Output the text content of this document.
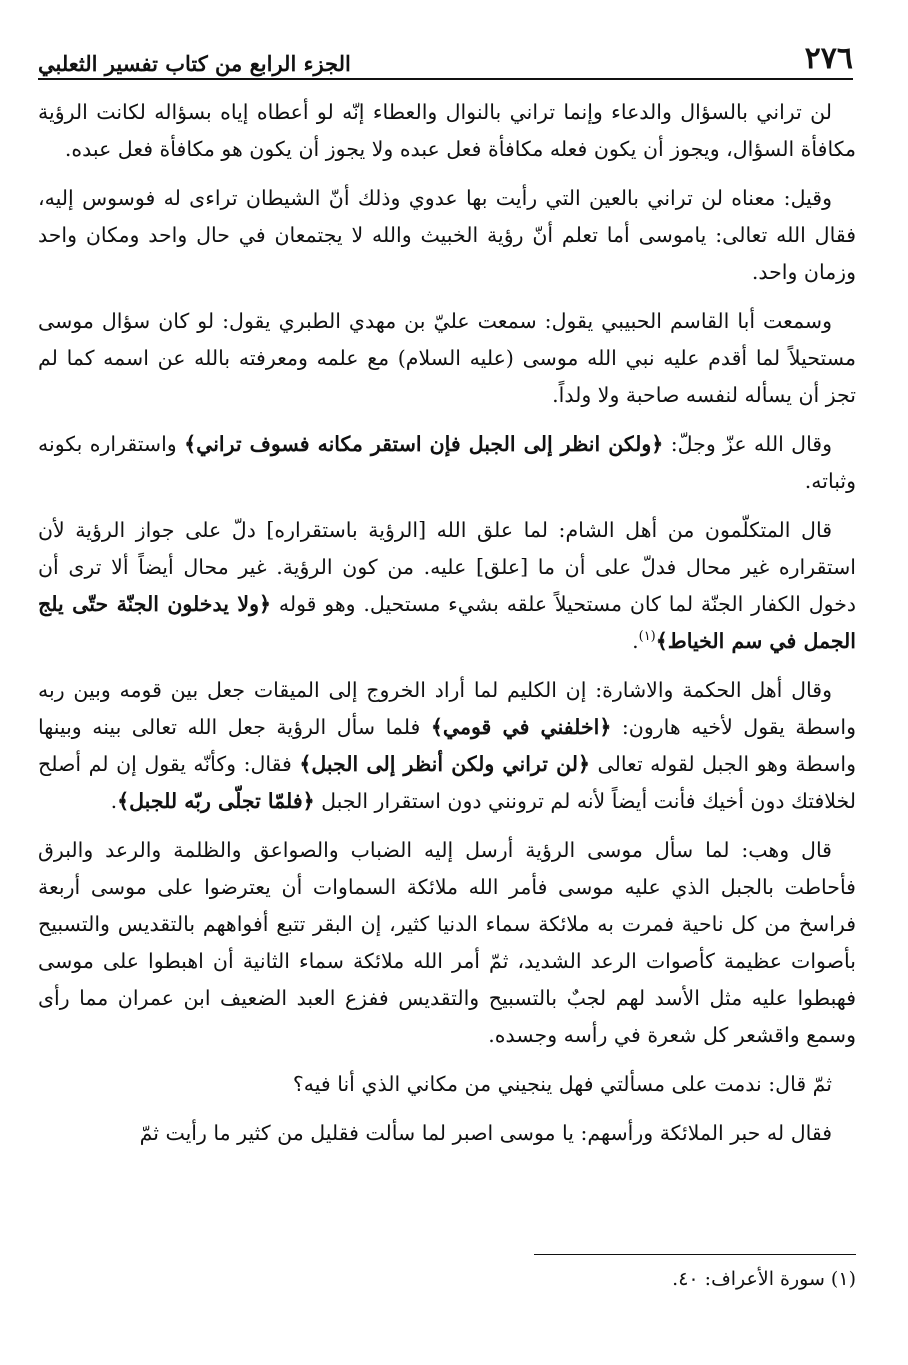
٢٧٦
الجزء الرابع من كتاب تفسير الثعلبي

لن تراني بالسؤال والدعاء وإنما تراني بالنوال والعطاء إنّه لو أعطاه إياه بسؤاله لكانت الرؤية مكافأة السؤال، ويجوز أن يكون فعله مكافأة فعل عبده ولا يجوز أن يكون هو مكافأة فعل عبده.

وقيل: معناه لن تراني بالعين التي رأيت بها عدوي وذلك أنّ الشيطان تراءى له فوسوس إليه، فقال الله تعالى: ياموسى أما تعلم أنّ رؤية الخبيث والله لا يجتمعان في حال واحد ومكان واحد وزمان واحد.

وسمعت أبا القاسم الحبيبي يقول: سمعت عليّ بن مهدي الطبري يقول: لو كان سؤال موسى مستحيلاً لما أقدم عليه نبي الله موسى (عليه السلام) مع علمه ومعرفته بالله عن اسمه كما لم تجز أن يسأله لنفسه صاحبة ولا ولداً.

وقال الله عزّ وجلّ: ﴿ولكن انظر إلى الجبل فإن استقر مكانه فسوف تراني﴾ واستقراره بكونه وثباته.

قال المتكلّمون من أهل الشام: لما علق الله [الرؤية باستقراره] دلّ على جواز الرؤية لأن استقراره غير محال فدلّ على أن ما [علق] عليه. من كون الرؤية. غير محال أيضاً ألا ترى أن دخول الكفار الجنّة لما كان مستحيلاً علقه بشيء مستحيل. وهو قوله ﴿ولا يدخلون الجنّة حتّى يلج الجمل في سم الخياط﴾$^{(١)}$.

وقال أهل الحكمة والاشارة: إن الكليم لما أراد الخروج إلى الميقات جعل بين قومه وبين ربه واسطة يقول لأخيه هارون: ﴿اخلفني في قومي﴾ فلما سأل الرؤية جعل الله تعالى بينه وبينها واسطة وهو الجبل لقوله تعالى ﴿لن تراني ولكن أنظر إلى الجبل﴾ فقال: وكأنّه يقول إن لم أصلح لخلافتك دون أخيك فأنت أيضاً لأنه لم ترونني دون استقرار الجبل ﴿فلمّا تجلّى ربّه للجبل﴾.

قال وهب: لما سأل موسى الرؤية أرسل إليه الضباب والصواعق والظلمة والرعد والبرق فأحاطت بالجبل الذي عليه موسى فأمر الله ملائكة السماوات أن يعترضوا على موسى أربعة فراسخ من كل ناحية فمرت به ملائكة سماء الدنيا كثير، إن البقر تتبع أفواههم بالتقديس والتسبيح بأصوات عظيمة كأصوات الرعد الشديد، ثمّ أمر الله ملائكة سماء الثانية أن اهبطوا على موسى فهبطوا عليه مثل الأسد لهم لجبٌ بالتسبيح والتقديس ففزع العبد الضعيف ابن عمران مما رأى وسمع واقشعر كل شعرة في رأسه وجسده.

ثمّ قال: ندمت على مسألتي فهل ينجيني من مكاني الذي أنا فيه؟

فقال له حبر الملائكة ورأسهم: يا موسى اصبر لما سألت فقليل من كثير ما رأيت ثمّ

(١) سورة الأعراف: ٤٠.
